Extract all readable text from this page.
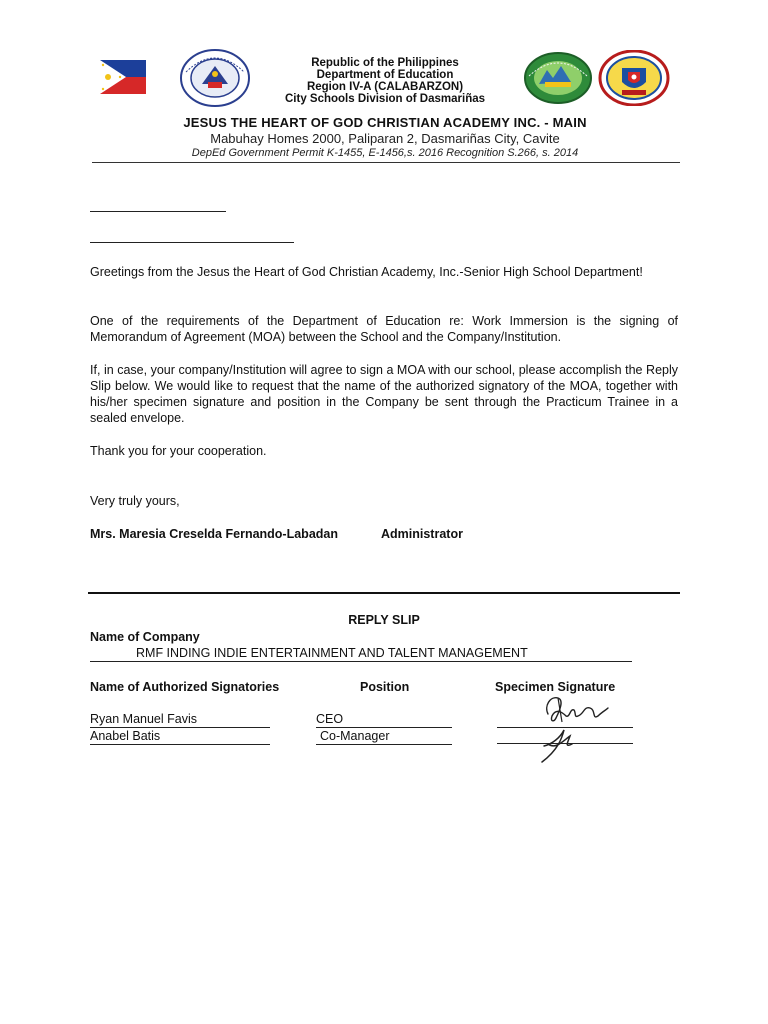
Republic of the Philippines
Department of Education
Region IV-A (CALABARZON)
City Schools Division of Dasmariñas
JESUS THE HEART OF GOD CHRISTIAN ACADEMY INC. - MAIN
Mabuhay Homes 2000, Paliparan 2, Dasmariñas City, Cavite
DepEd Government Permit K-1455, E-1456,s. 2016 Recognition S.266, s. 2014
Greetings from the Jesus the Heart of God Christian Academy, Inc.-Senior High School Department!
One of the requirements of the Department of Education re: Work Immersion is the signing of Memorandum of Agreement (MOA) between the School and the Company/Institution.
If, in case, your company/Institution will agree to sign a MOA with our school, please accomplish the Reply Slip below. We would like to request that the name of the authorized signatory of the MOA, together with his/her specimen signature and position in the Company be sent through the Practicum Trainee in a sealed envelope.
Thank you for your cooperation.
Very truly yours,
Mrs. Maresia Creselda Fernando-Labadan	Administrator
REPLY SLIP
Name of Company
RMF INDING INDIE ENTERTAINMENT AND TALENT MANAGEMENT
Name of Authorized Signatories	Position	Specimen Signature
Ryan Manuel Favis	CEO
Anabel Batis	Co-Manager
